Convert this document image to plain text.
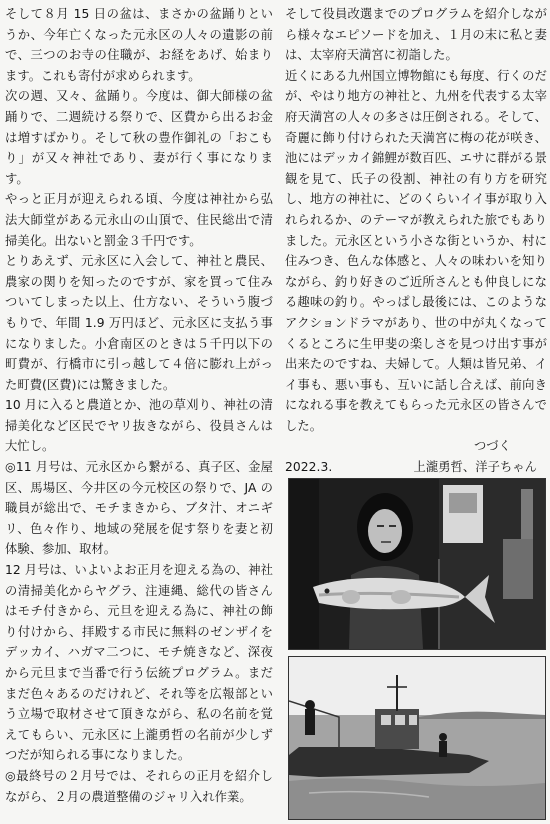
そして８月 15 日の盆は、まさかの盆踊りというか、今年亡くなった元永区の人々の遺影の前で、三つのお寺の住職が、お経をあげ、始まります。これも寄付が求められます。

次の週、又々、盆踊り。今度は、御大師様の盆踊りで、二週続ける祭りで、区費から出るお金は増すばかり。そして秋の豊作御礼の「おこもり」が又々神社であり、妻が行く事になります。

やっと正月が迎えられる頃、今度は神社から弘法大師堂がある元永山の山頂で、住民総出で清掃美化。出ないと罰金３千円です。

とりあえず、元永区に入会して、神社と農民、農家の関りを知ったのですが、家を買って住みついてしまった以上、仕方ない、そういう腹づもりで、年間 1.9 万円ほど、元永区に支払う事になりました。小倉南区のときは５千円以下の町費が、行橋市に引っ越して４倍に膨れ上がった町費(区費)には驚きました。

10 月に入ると農道とか、池の草刈り、神社の清掃美化など区民でヤリ抜きながら、役員さんは大忙し。

◎11 月号は、元永区から繋がる、真子区、金屋区、馬場区、今井区の今元校区の祭りで、JA の職員が総出で、モチまきから、ブタ汁、オニギリ、色々作り、地域の発展を促す祭りを妻と初体験、参加、取材。

12 月号は、いよいよお正月を迎える為の、神社の清掃美化からヤグラ、注連縄、総代の皆さんはモチ付きから、元旦を迎える為に、神社の飾り付けから、拝殿する市民に無料のゼンザイをデッカイ、ハガマ二つに、モチ焼きなど、深夜から元旦まで当番で行う伝統プログラム。まだまだ色々あるのだけれど、それ等を広報部という立場で取材させて頂きながら、私の名前を覚えてもらい、元永区に上瀧勇哲の名前が少しずつだが知られる事になりました。

◎最終号の２月号では、それらの正月を紹介しながら、２月の農道整備のジャリ入れ作業。

そして役員改選までのプログラムを紹介しながら様々なエピソードを加え、１月の末に私と妻は、太宰府天満宮に初詣した。

近くにある九州国立博物館にも毎度、行くのだが、やはり地方の神社と、九州を代表する太宰府天満宮の人々の多さは圧倒される。そして、奇麗に飾り付けられた天満宮に梅の花が咲き、池にはデッカイ錦鯉が数百匹、エサに群がる景観を見て、氏子の役割、神社の有り方を研究し、地方の神社に、どのくらいイイ事が取り入れられるか、のテーマが教えられた旅でもありました。元永区という小さな街というか、村に住みつき、色んな体感と、人々の味わいを知りながら、釣り好きのご近所さんとも仲良しになる趣味の釣り。やっぱし最後には、このようなアクションドラマがあり、世の中が丸くなってくるところに生甲斐の楽しさを見つけ出す事が出来たのですね、夫婦して。人類は皆兄弟、イイ事も、悪い事も、互いに話し合えば、前向きになれる事を教えてもらった元永区の皆さんでした。

つづく
2022.3.	上瀧勇哲、洋子ちゃん
